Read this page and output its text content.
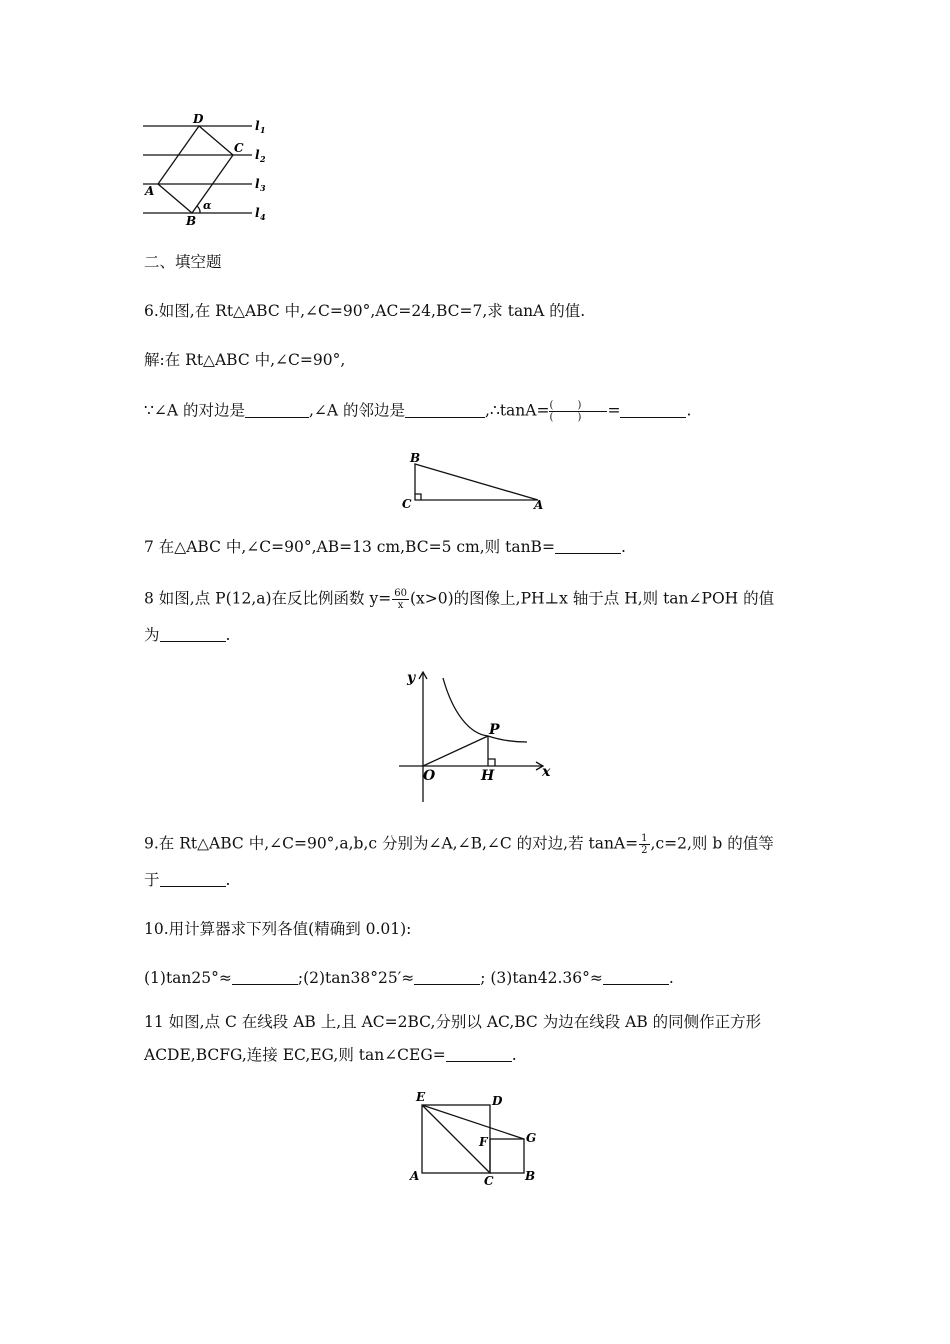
D
C
A
B
α
l 1
l 2
l 3
l 4
二、填空题
6.如图,在 Rt△ABC 中,∠C=90°,AC=24,BC=7,求 tanA 的值.
解:在 Rt△ABC 中,∠C=90°,
∵∠A 的对边是	,∠A 的邻边是	,∴tanA= $\frac{( )}{( )}=$	.
B
C	A
7 在△ABC 中,∠C=90°,AB=13 cm,BC=5 cm,则 tanB=	.
8 如图,点 P(12,a)在反比例函数 $y= \frac{60}{x} (x>0)$的图像上,PH⊥x 轴于点 H,则 tan∠POH 的值
为	.
y
x
O	H
P
9.在 Rt△ABC 中,∠C=90°,a,b,c 分别为∠A,∠B,∠C 的对边,若 $\tan A= \frac{1}{2} ,c=2$,则 b 的值等
于	.
10.用计算器求下列各值(精确到 0.01):
(1)tan25°≈	;(2)tan38°25′≈	; (3)tan42.36°≈	.
11 如图,点 C 在线段 AB 上,且 AC=2BC,分别以 AC,BC 为边在线段 AB 的同侧作正方形
ACDE,BCFG,连接 EC,EG,则 tan∠CEG=	.
E	D
F	G
A	C	B
